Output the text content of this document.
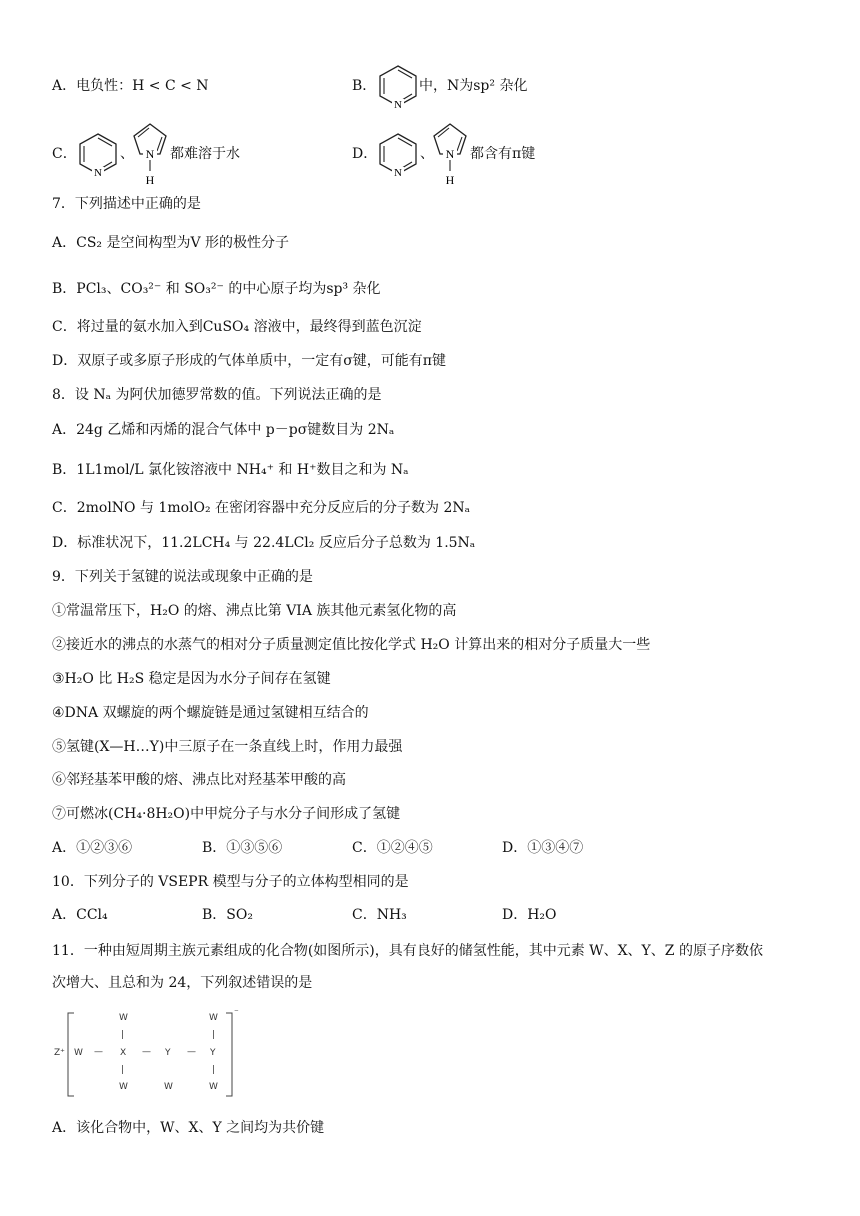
A．电负性：H < C < N	B．
N
中，N为sp² 杂化
C．
N
、 N
H
都难溶于水	D．
N
、 N
H
都含有π键
7．下列描述中正确的是
A．CS₂ 是空间构型为V 形的极性分子
B．PCl₃、CO₃²⁻ 和 SO₃²⁻ 的中心原子均为sp³ 杂化
C．将过量的氨水加入到CuSO₄ 溶液中，最终得到蓝色沉淀
D．双原子或多原子形成的气体单质中，一定有σ键，可能有π键
8．设 Nₐ 为阿伏加德罗常数的值。下列说法正确的是
A．24g 乙烯和丙烯的混合气体中 p－pσ键数目为 2Nₐ
B．1L1mol/L 氯化铵溶液中 NH₄⁺ 和 H⁺数目之和为 Nₐ
C．2molNO 与 1molO₂ 在密闭容器中充分反应后的分子数为 2Nₐ
D．标准状况下，11.2LCH₄ 与 22.4LCl₂ 反应后分子总数为 1.5Nₐ
9．下列关于氢键的说法或现象中正确的是
①常温常压下，H₂O 的熔、沸点比第 VIA 族其他元素氢化物的高
②接近水的沸点的水蒸气的相对分子质量测定值比按化学式 H₂O 计算出来的相对分子质量大一些
③H₂O 比 H₂S 稳定是因为水分子间存在氢键
④DNA 双螺旋的两个螺旋链是通过氢键相互结合的
⑤氢键(X—H…Y)中三原子在一条直线上时，作用力最强
⑥邻羟基苯甲酸的熔、沸点比对羟基苯甲酸的高
⑦可燃冰(CH₄·8H₂O)中甲烷分子与水分子间形成了氢键
A．①②③⑥	B．①③⑤⑥	C．①②④⑤	D．①③④⑦
10．下列分子的 VSEPR 模型与分子的立体构型相同的是
A．CCl₄	B．SO₂	C．NH₃	D．H₂O
11．一种由短周期主族元素组成的化合物(如图所示)，具有良好的储氢性能，其中元素 W、X、Y、Z 的原子序数依
次增大、且总和为 24，下列叙述错误的是
Z⁺
⁻
W	W
|	|
W — X — Y — Y
|	|
W	W	W
A．该化合物中，W、X、Y 之间均为共价键
